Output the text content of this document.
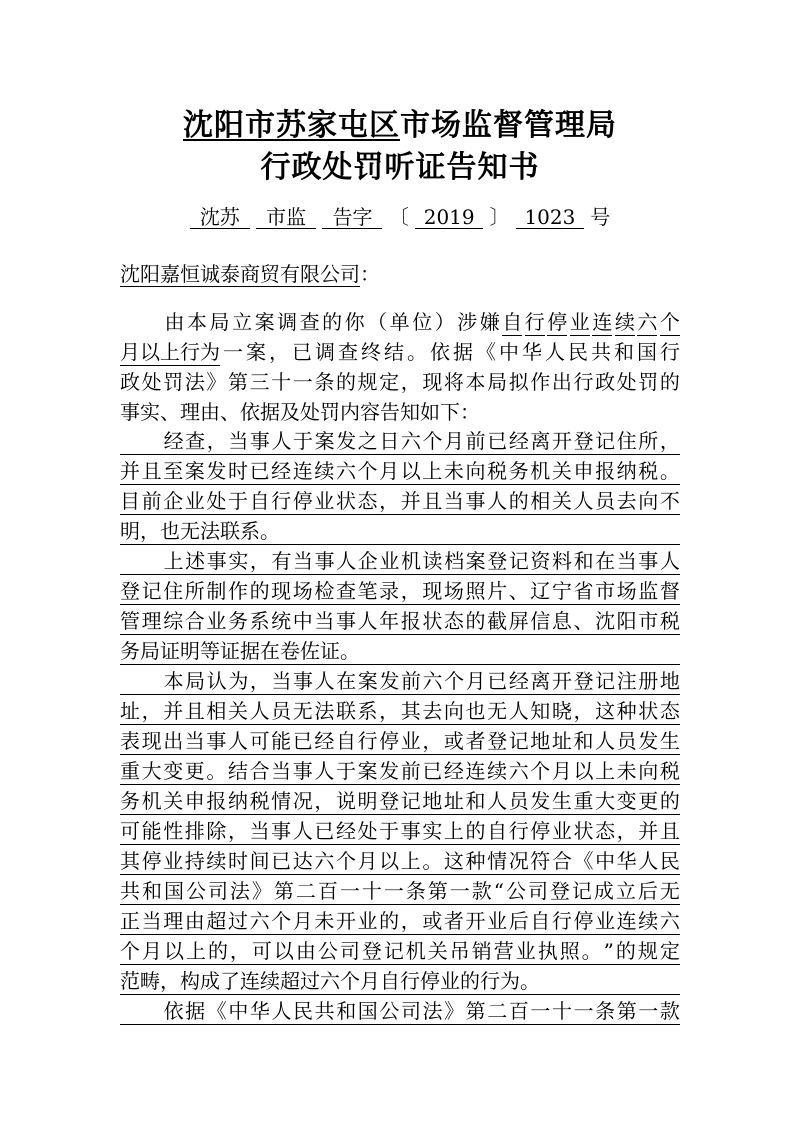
沈阳市苏家屯区市场监督管理局
行政处罚听证告知书
沈苏 市监 告字 〔 2019 〕 1023 号
沈阳嘉恒诚泰商贸有限公司：
由 本 局 立 案 调 查 的 你 （ 单 位 ） 涉 嫌 自 行 停 业 连 续 六 个
月以上行为 一 案 ， 已 调 查 终 结 。 依 据 《 中 华 人 民 共 和 国 行
政 处 罚 法 》 第 三 十 一 条 的 规 定 ， 现 将 本 局 拟 作 出 行 政 处 罚 的
事 实 、 理 由 、 依 据 及 处 罚 内 容 告 知 如 下 ：
经 查 ， 当 事 人 于 案 发 之 日 六 个 月 前 已 经 离 开 登 记 住 所 ，
并 且 至 案 发 时 已 经 连 续 六 个 月 以 上 未 向 税 务 机 关 申 报 纳 税 。
目 前 企 业 处 于 自 行 停 业 状 态 ， 并 且 当 事 人 的 相 关 人 员 去 向 不
明 ， 也 无 法 联 系 。
上 述 事 实 ， 有 当 事 人 企 业 机 读 档 案 登 记 资 料 和 在 当 事 人
登 记 住 所 制 作 的 现 场 检 查 笔 录 ， 现 场 照 片 、 辽 宁 省 市 场 监 督
管 理 综 合 业 务 系 统 中 当 事 人 年 报 状 态 的 截 屏 信 息 、 沈 阳 市 税
务 局 证 明 等 证 据 在 卷 佐 证 。
本 局 认 为 ， 当 事 人 在 案 发 前 六 个 月 已 经 离 开 登 记 注 册 地
址 ， 并 且 相 关 人 员 无 法 联 系 ， 其 去 向 也 无 人 知 晓 ， 这 种 状 态
表 现 出 当 事 人 可 能 已 经 自 行 停 业 ， 或 者 登 记 地 址 和 人 员 发 生
重 大 变 更 。 结 合 当 事 人 于 案 发 前 已 经 连 续 六 个 月 以 上 未 向 税
务 机 关 申 报 纳 税 情 况 ， 说 明 登 记 地 址 和 人 员 发 生 重 大 变 更 的
可 能 性 排 除 ， 当 事 人 已 经 处 于 事 实 上 的 自 行 停 业 状 态 ， 并 且
其 停 业 持 续 时 间 已 达 六 个 月 以 上 。 这 种 情 况 符 合 《 中 华 人 民
共 和 国 公 司 法 》 第 二 百 一 十 一 条 第 一 款 “ 公 司 登 记 成 立 后 无
正 当 理 由 超 过 六 个 月 未 开 业 的 ， 或 者 开 业 后 自 行 停 业 连 续 六
个 月 以 上 的 ， 可 以 由 公 司 登 记 机 关 吊 销 营 业 执 照 。 ” 的 规 定
范 畴 ， 构 成 了 连 续 超 过 六 个 月 自 行 停 业 的 行 为 。
依 据 《 中 华 人 民 共 和 国 公 司 法 》 第 二 百 一 十 一 条 第 一 款
